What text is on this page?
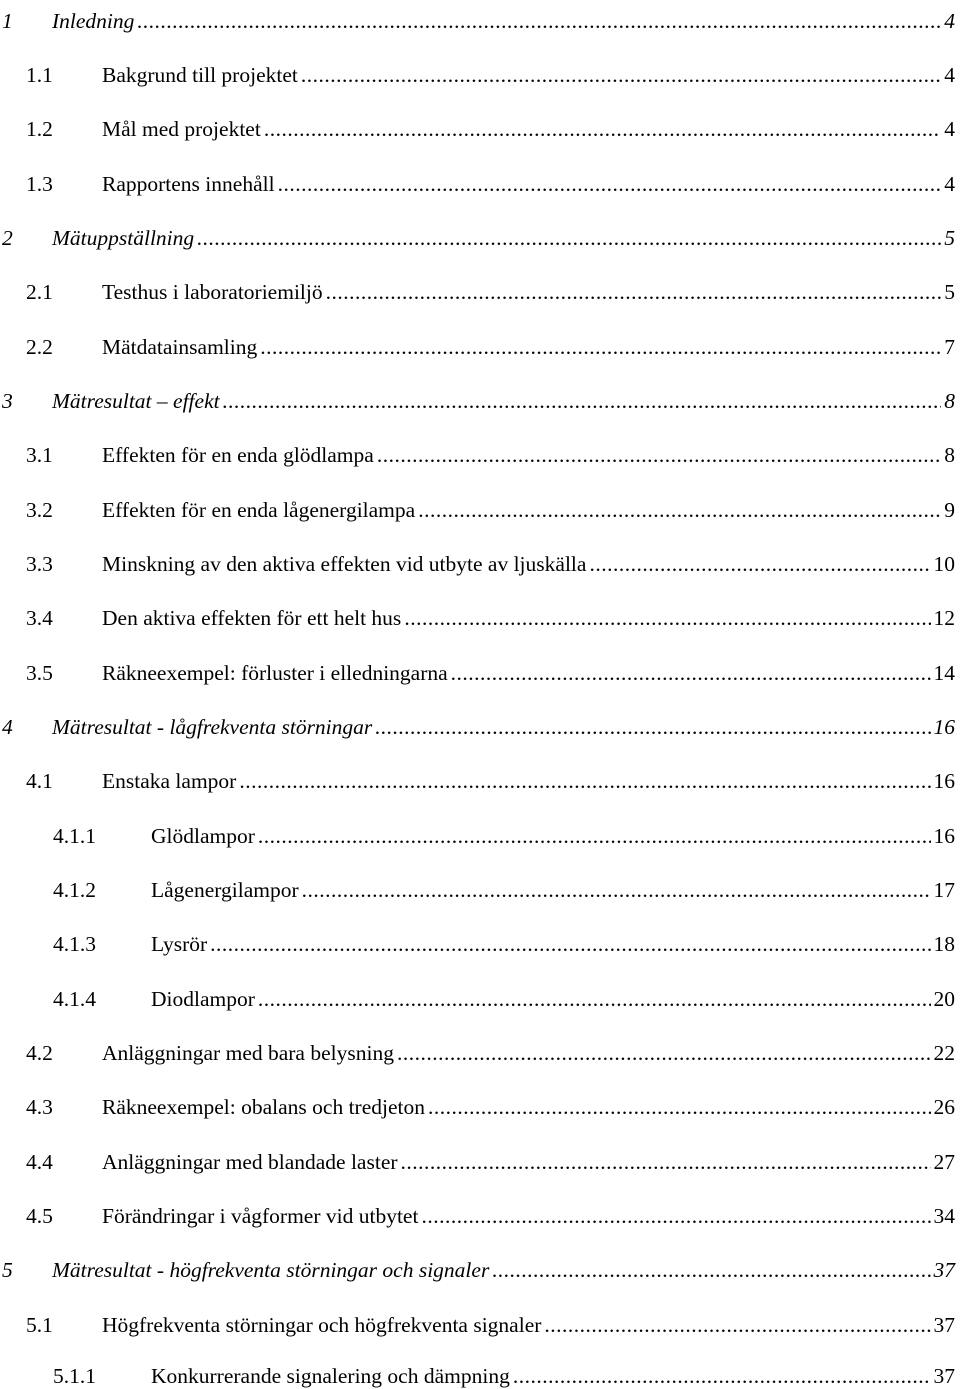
1	Inledning .....	4
1.1	Bakgrund till projektet .....	4
1.2	Mål med projektet .....	4
1.3	Rapportens innehåll .....	4
2	Mätuppställning .....	5
2.1	Testhus i laboratoriemiljö .....	5
2.2	Mätdatainsamling .....	7
3	Mätresultat – effekt .....	8
3.1	Effekten för en enda glödlampa .....	8
3.2	Effekten för en enda lågenergilampa .....	9
3.3	Minskning av den aktiva effekten vid utbyte av ljuskälla .....	10
3.4	Den aktiva effekten för ett helt hus .....	12
3.5	Räkneexempel: förluster i elledningarna .....	14
4	Mätresultat - lågfrekventa störningar .....	16
4.1	Enstaka lampor .....	16
4.1.1	Glödlampor .....	16
4.1.2	Lågenergilampor .....	17
4.1.3	Lysrör .....	18
4.1.4	Diodlampor .....	20
4.2	Anläggningar med bara belysning .....	22
4.3	Räkneexempel: obalans och tredjeton .....	26
4.4	Anläggningar med blandade laster .....	27
4.5	Förändringar i vågformer vid utbytet .....	34
5	Mätresultat - högfrekventa störningar och signaler .....	37
5.1	Högfrekventa störningar och högfrekventa signaler .....	37
5.1.1	Konkurrerande signalering och dämpning .....	37
